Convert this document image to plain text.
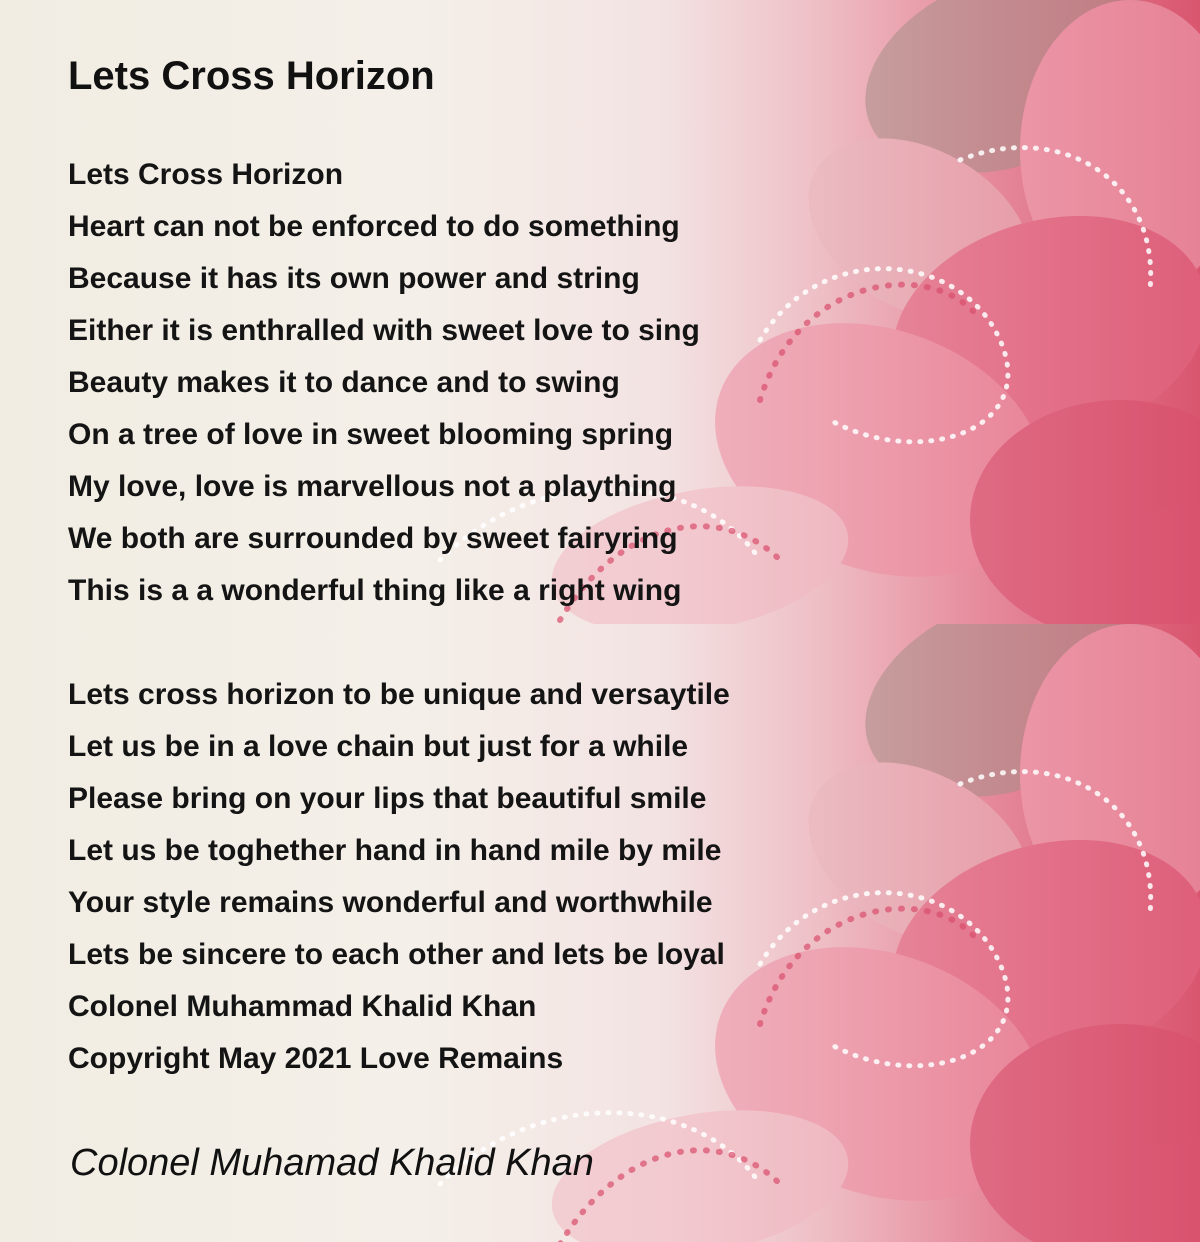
Lets Cross Horizon
Lets Cross Horizon
Heart can not be enforced to do something
Because it has its own power and string
Either it is enthralled with sweet love to sing
Beauty makes it to dance and to swing
On a tree of love in sweet blooming spring
My love, love is marvellous not a plaything
We both are surrounded by sweet fairyring
This is a a wonderful thing like a right wing
Lets cross horizon to be unique and versaytile
Let us be in a love chain but just for a while
Please bring on your lips that beautiful smile
Let us be toghether hand in hand mile by mile
Your style remains wonderful and worthwhile
Lets be sincere to each other and lets be loyal
Colonel Muhammad Khalid Khan
Copyright May 2021 Love Remains
Colonel Muhamad Khalid Khan
